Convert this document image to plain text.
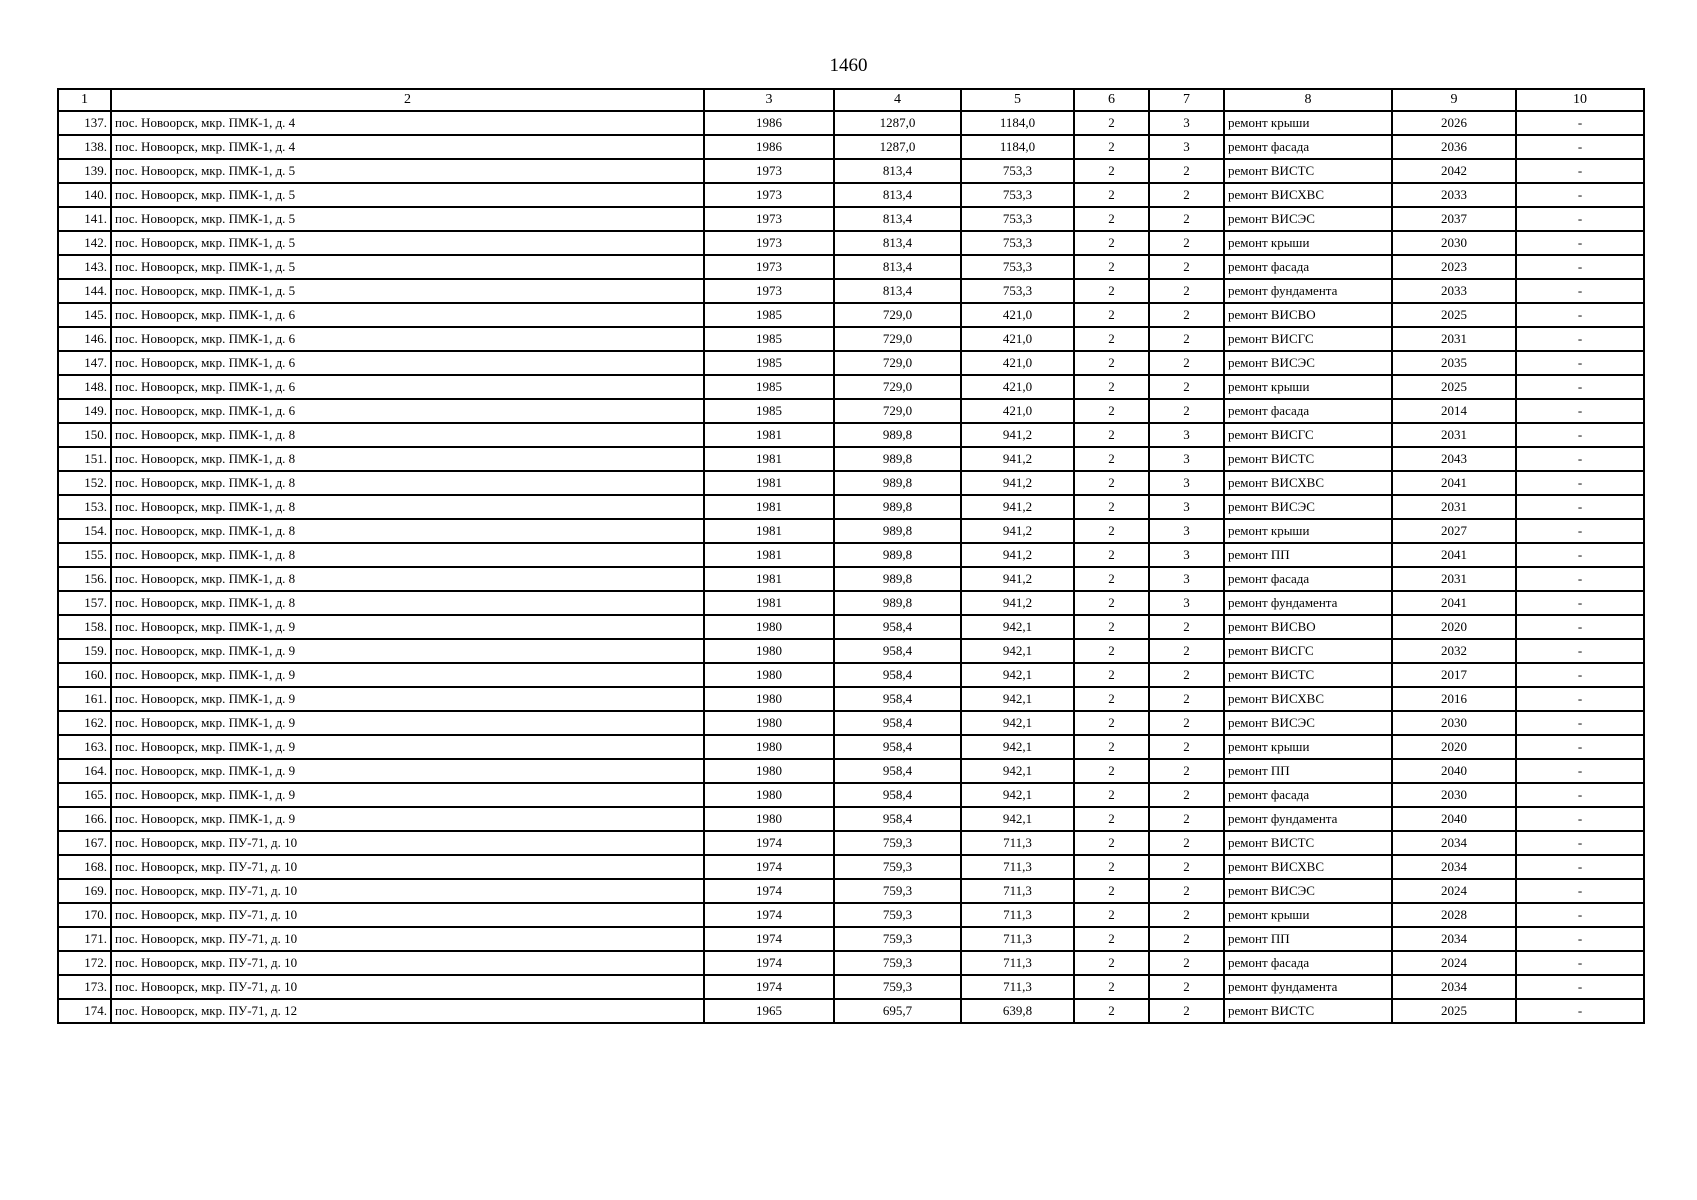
1460
1	2	3	4	5	6	7	8	9	10
137.	пос. Новоорск, мкр. ПМК-1, д. 4	1986	1287,0	1184,0	2	3	ремонт крыши	2026	-
138.	пос. Новоорск, мкр. ПМК-1, д. 4	1986	1287,0	1184,0	2	3	ремонт фасада	2036	-
139.	пос. Новоорск, мкр. ПМК-1, д. 5	1973	813,4	753,3	2	2	ремонт ВИСТС	2042	-
140.	пос. Новоорск, мкр. ПМК-1, д. 5	1973	813,4	753,3	2	2	ремонт ВИСХВС	2033	-
141.	пос. Новоорск, мкр. ПМК-1, д. 5	1973	813,4	753,3	2	2	ремонт ВИСЭС	2037	-
142.	пос. Новоорск, мкр. ПМК-1, д. 5	1973	813,4	753,3	2	2	ремонт крыши	2030	-
143.	пос. Новоорск, мкр. ПМК-1, д. 5	1973	813,4	753,3	2	2	ремонт фасада	2023	-
144.	пос. Новоорск, мкр. ПМК-1, д. 5	1973	813,4	753,3	2	2	ремонт фундамента	2033	-
145.	пос. Новоорск, мкр. ПМК-1, д. 6	1985	729,0	421,0	2	2	ремонт ВИСВО	2025	-
146.	пос. Новоорск, мкр. ПМК-1, д. 6	1985	729,0	421,0	2	2	ремонт ВИСГС	2031	-
147.	пос. Новоорск, мкр. ПМК-1, д. 6	1985	729,0	421,0	2	2	ремонт ВИСЭС	2035	-
148.	пос. Новоорск, мкр. ПМК-1, д. 6	1985	729,0	421,0	2	2	ремонт крыши	2025	-
149.	пос. Новоорск, мкр. ПМК-1, д. 6	1985	729,0	421,0	2	2	ремонт фасада	2014	-
150.	пос. Новоорск, мкр. ПМК-1, д. 8	1981	989,8	941,2	2	3	ремонт ВИСГС	2031	-
151.	пос. Новоорск, мкр. ПМК-1, д. 8	1981	989,8	941,2	2	3	ремонт ВИСТС	2043	-
152.	пос. Новоорск, мкр. ПМК-1, д. 8	1981	989,8	941,2	2	3	ремонт ВИСХВС	2041	-
153.	пос. Новоорск, мкр. ПМК-1, д. 8	1981	989,8	941,2	2	3	ремонт ВИСЭС	2031	-
154.	пос. Новоорск, мкр. ПМК-1, д. 8	1981	989,8	941,2	2	3	ремонт крыши	2027	-
155.	пос. Новоорск, мкр. ПМК-1, д. 8	1981	989,8	941,2	2	3	ремонт ПП	2041	-
156.	пос. Новоорск, мкр. ПМК-1, д. 8	1981	989,8	941,2	2	3	ремонт фасада	2031	-
157.	пос. Новоорск, мкр. ПМК-1, д. 8	1981	989,8	941,2	2	3	ремонт фундамента	2041	-
158.	пос. Новоорск, мкр. ПМК-1, д. 9	1980	958,4	942,1	2	2	ремонт ВИСВО	2020	-
159.	пос. Новоорск, мкр. ПМК-1, д. 9	1980	958,4	942,1	2	2	ремонт ВИСГС	2032	-
160.	пос. Новоорск, мкр. ПМК-1, д. 9	1980	958,4	942,1	2	2	ремонт ВИСТС	2017	-
161.	пос. Новоорск, мкр. ПМК-1, д. 9	1980	958,4	942,1	2	2	ремонт ВИСХВС	2016	-
162.	пос. Новоорск, мкр. ПМК-1, д. 9	1980	958,4	942,1	2	2	ремонт ВИСЭС	2030	-
163.	пос. Новоорск, мкр. ПМК-1, д. 9	1980	958,4	942,1	2	2	ремонт крыши	2020	-
164.	пос. Новоорск, мкр. ПМК-1, д. 9	1980	958,4	942,1	2	2	ремонт ПП	2040	-
165.	пос. Новоорск, мкр. ПМК-1, д. 9	1980	958,4	942,1	2	2	ремонт фасада	2030	-
166.	пос. Новоорск, мкр. ПМК-1, д. 9	1980	958,4	942,1	2	2	ремонт фундамента	2040	-
167.	пос. Новоорск, мкр. ПУ-71, д. 10	1974	759,3	711,3	2	2	ремонт ВИСТС	2034	-
168.	пос. Новоорск, мкр. ПУ-71, д. 10	1974	759,3	711,3	2	2	ремонт ВИСХВС	2034	-
169.	пос. Новоорск, мкр. ПУ-71, д. 10	1974	759,3	711,3	2	2	ремонт ВИСЭС	2024	-
170.	пос. Новоорск, мкр. ПУ-71, д. 10	1974	759,3	711,3	2	2	ремонт крыши	2028	-
171.	пос. Новоорск, мкр. ПУ-71, д. 10	1974	759,3	711,3	2	2	ремонт ПП	2034	-
172.	пос. Новоорск, мкр. ПУ-71, д. 10	1974	759,3	711,3	2	2	ремонт фасада	2024	-
173.	пос. Новоорск, мкр. ПУ-71, д. 10	1974	759,3	711,3	2	2	ремонт фундамента	2034	-
174.	пос. Новоорск, мкр. ПУ-71, д. 12	1965	695,7	639,8	2	2	ремонт ВИСТС	2025	-
